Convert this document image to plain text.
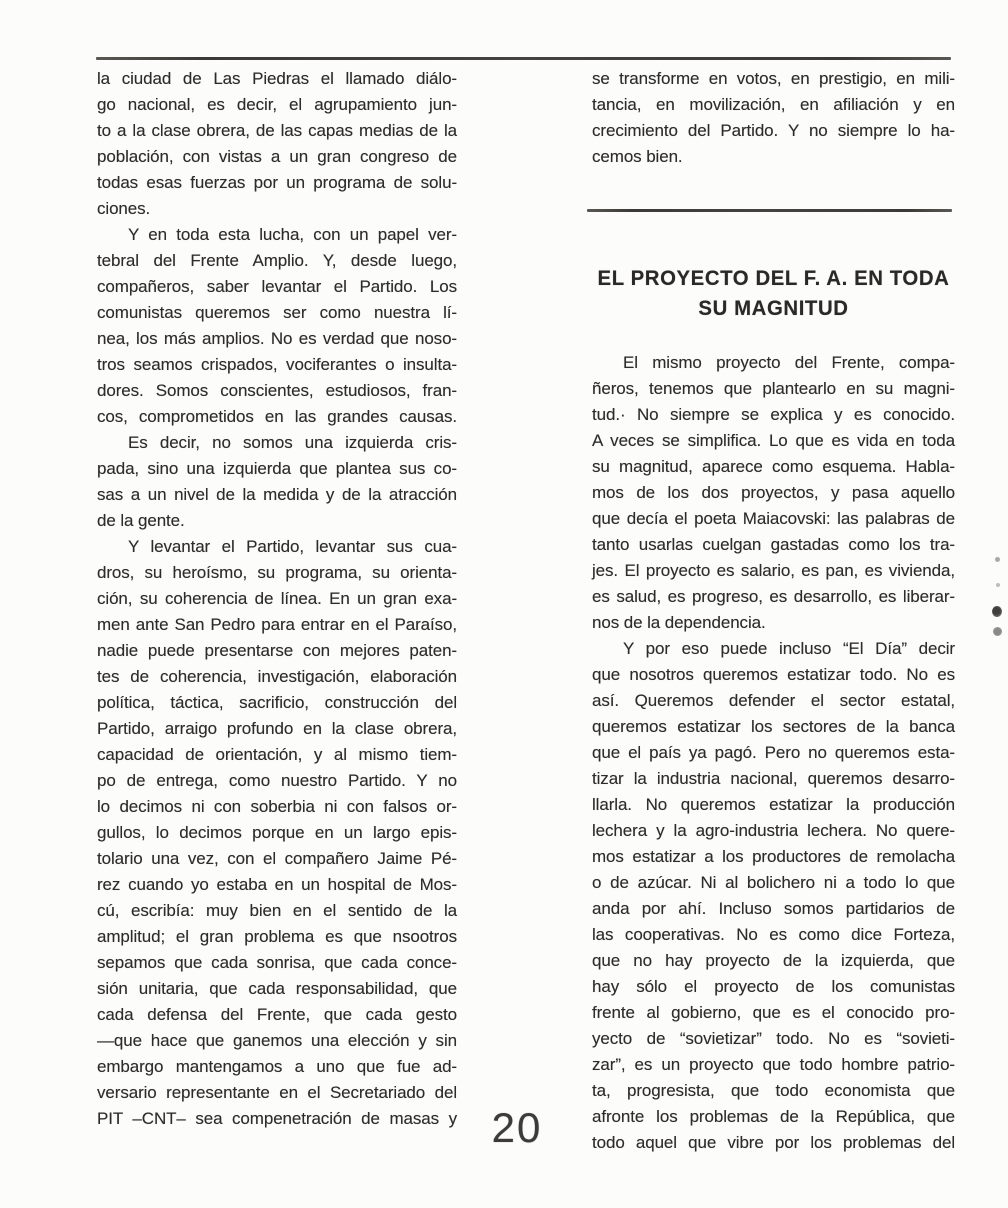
la ciudad de Las Piedras el llamado diálo-
go nacional, es decir, el agrupamiento jun-
to a la clase obrera, de las capas medias de la
población, con vistas a un gran congreso de
todas esas fuerzas por un programa de solu-
ciones.
Y en toda esta lucha, con un papel ver-
tebral del Frente Amplio. Y, desde luego,
compañeros, saber levantar el Partido. Los
comunistas queremos ser como nuestra lí-
nea, los más amplios. No es verdad que noso-
tros seamos crispados, vociferantes o insulta-
dores. Somos conscientes, estudiosos, fran-
cos, comprometidos en las grandes causas.
Es decir, no somos una izquierda cris-
pada, sino una izquierda que plantea sus co-
sas a un nivel de la medida y de la atracción
de la gente.
Y levantar el Partido, levantar sus cua-
dros, su heroísmo, su programa, su orienta-
ción, su coherencia de línea. En un gran exa-
men ante San Pedro para entrar en el Paraíso,
nadie puede presentarse con mejores paten-
tes de coherencia, investigación, elaboración
política, táctica, sacrificio, construcción del
Partido, arraigo profundo en la clase obrera,
capacidad de orientación, y al mismo tiem-
po de entrega, como nuestro Partido. Y no
lo decimos ni con soberbia ni con falsos or-
gullos, lo decimos porque en un largo epis-
tolario una vez, con el compañero Jaime Pé-
rez cuando yo estaba en un hospital de Mos-
cú, escribía: muy bien en el sentido de la
amplitud; el gran problema es que nsootros
sepamos que cada sonrisa, que cada conce-
sión unitaria, que cada responsabilidad, que
cada defensa del Frente, que cada gesto
—que hace que ganemos una elección y sin
embargo mantengamos a uno que fue ad-
versario representante en el Secretariado del
PIT –CNT– sea compenetración de masas y
se transforme en votos, en prestigio, en mili-
tancia, en movilización, en afiliación y en
crecimiento del Partido. Y no siempre lo ha-
cemos bien.
EL PROYECTO DEL F. A. EN TODA
SU MAGNITUD
El mismo proyecto del Frente, compa-
ñeros, tenemos que plantearlo en su magni-
tud.· No siempre se explica y es conocido.
A veces se simplifica. Lo que es vida en toda
su magnitud, aparece como esquema. Habla-
mos de los dos proyectos, y pasa aquello
que decía el poeta Maiacovski: las palabras de
tanto usarlas cuelgan gastadas como los tra-
jes. El proyecto es salario, es pan, es vivienda,
es salud, es progreso, es desarrollo, es liberar-
nos de la dependencia.
Y por eso puede incluso “El Día” decir
que nosotros queremos estatizar todo. No es
así. Queremos defender el sector estatal,
queremos estatizar los sectores de la banca
que el país ya pagó. Pero no queremos esta-
tizar la industria nacional, queremos desarro-
llarla. No queremos estatizar la producción
lechera y la agro-industria lechera. No quere-
mos estatizar a los productores de remolacha
o de azúcar. Ni al bolichero ni a todo lo que
anda por ahí. Incluso somos partidarios de
las cooperativas. No es como dice Forteza,
que no hay proyecto de la izquierda, que
hay sólo el proyecto de los comunistas
frente al gobierno, que es el conocido pro-
yecto de “sovietizar” todo. No es “sovieti-
zar”, es un proyecto que todo hombre patrio-
ta, progresista, que todo economista que
afronte los problemas de la República, que
todo aquel que vibre por los problemas del
20
